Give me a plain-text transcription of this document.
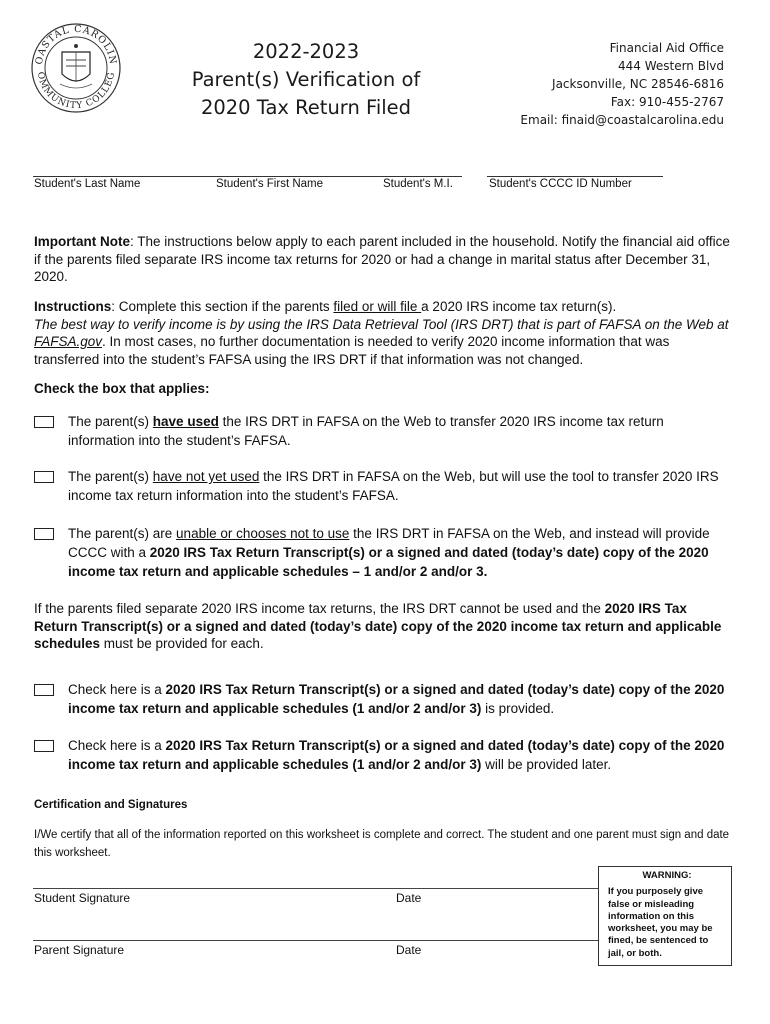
OASTAL CAROLIN
OMMUNITY COLLEG
2022-2023
Parent(s) Verification of
2020 Tax Return Filed
Financial Aid Office
444 Western Blvd
Jacksonville, NC 28546-6816
Fax: 910-455-2767
Email: finaid@coastalcarolina.edu
Student's Last Name	Student's First Name	Student's M.I.	Student's CCCC ID Number
Important Note: The instructions below apply to each parent included in the household. Notify the financial aid office if the parents filed separate IRS income tax returns for 2020 or had a change in marital status after December 31, 2020.
Instructions: Complete this section if the parents filed or will file a 2020 IRS income tax return(s).
The best way to verify income is by using the IRS Data Retrieval Tool (IRS DRT) that is part of FAFSA on the Web at FAFSA.gov. In most cases, no further documentation is needed to verify 2020 income information that was transferred into the student’s FAFSA using the IRS DRT if that information was not changed.
Check the box that applies:
The parent(s) have used the IRS DRT in FAFSA on the Web to transfer 2020 IRS income tax return information into the student’s FAFSA.
The parent(s) have not yet used the IRS DRT in FAFSA on the Web, but will use the tool to transfer 2020 IRS income tax return information into the student’s FAFSA.
The parent(s) are unable or chooses not to use the IRS DRT in FAFSA on the Web, and instead will provide CCCC with a 2020 IRS Tax Return Transcript(s) or a signed and dated (today’s date) copy of the 2020 income tax return and applicable schedules – 1 and/or 2 and/or 3.
If the parents filed separate 2020 IRS income tax returns, the IRS DRT cannot be used and the 2020 IRS Tax Return Transcript(s) or a signed and dated (today’s date) copy of the 2020 income tax return and applicable schedules must be provided for each.
Check here is a 2020 IRS Tax Return Transcript(s) or a signed and dated (today’s date) copy of the 2020 income tax return and applicable schedules (1 and/or 2 and/or 3) is provided.
Check here is a 2020 IRS Tax Return Transcript(s) or a signed and dated (today’s date) copy of the 2020 income tax return and applicable schedules (1 and/or 2 and/or 3) will be provided later.
Certification and Signatures
I/We certify that all of the information reported on this worksheet is complete and correct. The student and one parent must sign and date this worksheet.
Student Signature	Date
Parent Signature	Date
WARNING:
If you purposely give false or misleading information on this worksheet, you may be fined, be sentenced to jail, or both.
